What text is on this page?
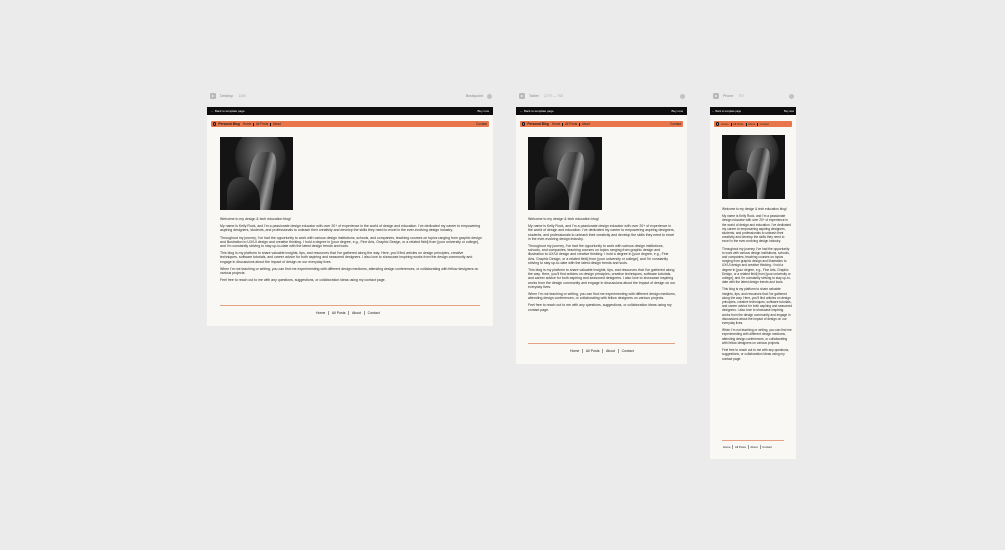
Desktop 1280	Breakpoint
← Back to template page	Buy now
Personal Blog Home All Posts About	Contact

Welcome to my design & tech education blog!

My name is Kelly Rock, and I'm a passionate design educator with over 20+ of experience in the world of design and education. I've dedicated my career to empowering aspiring designers, students, and professionals to unleash their creativity and develop the skills they need to excel in the ever-evolving design industry.

Throughout my journey, I've had the opportunity to work with various design institutions, schools, and companies, teaching courses on topics ranging from graphic design and illustration to UX/UI design and creative thinking. I hold a degree in [your degree, e.g., Fine Arts, Graphic Design, or a related field] from [your university or college], and I'm constantly striving to stay up-to-date with the latest design trends and tools.

This blog is my platform to share valuable insights, tips, and resources that I've gathered along the way. Here, you'll find articles on design principles, creative techniques, software tutorials, and career advice for both aspiring and seasoned designers. I also love to showcase inspiring works from the design community and engage in discussions about the impact of design on our everyday lives.

When I'm not teaching or writing, you can find me experimenting with different design mediums, attending design conferences, or collaborating with fellow designers on various projects.

Feel free to reach out to me with any questions, suggestions, or collaboration ideas using my contact page.

Home All Posts About Contact
Tablet 1279 — 768
← Back to template page	Buy now
Personal Blog Home All Posts About	Contact

Welcome to my design & tech education blog!

My name is Kelly Rock, and I'm a passionate design educator with over 20+ of experience in the world of design and education. I've dedicated my career to empowering aspiring designers, students, and professionals to unleash their creativity and develop the skills they need to excel in the ever-evolving design industry.

Throughout my journey, I've had the opportunity to work with various design institutions, schools, and companies, teaching courses on topics ranging from graphic design and illustration to UX/UI design and creative thinking. I hold a degree in [your degree, e.g., Fine Arts, Graphic Design, or a related field] from [your university or college], and I'm constantly striving to stay up-to-date with the latest design trends and tools.

This blog is my platform to share valuable insights, tips, and resources that I've gathered along the way. Here, you'll find articles on design principles, creative techniques, software tutorials, and career advice for both aspiring and seasoned designers. I also love to showcase inspiring works from the design community and engage in discussions about the impact of design on our everyday lives.

When I'm not teaching or writing, you can find me experimenting with different design mediums, attending design conferences, or collaborating with fellow designers on various projects.

Feel free to reach out to me with any questions, suggestions, or collaboration ideas using my contact page.

Home All Posts About Contact
Phone 767
← Back to template page	Buy now
Home All Posts About Contact

Welcome to my design & tech education blog!

My name is Kelly Rock, and I'm a passionate design educator with over 20+ of experience in the world of design and education. I've dedicated my career to empowering aspiring designers, students, and professionals to unleash their creativity and develop the skills they need to excel in the ever-evolving design industry.

Throughout my journey, I've had the opportunity to work with various design institutions, schools, and companies, teaching courses on topics ranging from graphic design and illustration to UX/UI design and creative thinking. I hold a degree in [your degree, e.g., Fine Arts, Graphic Design, or a related field] from [your university or college], and I'm constantly striving to stay up-to-date with the latest design trends and tools.

This blog is my platform to share valuable insights, tips, and resources that I've gathered along the way. Here, you'll find articles on design principles, creative techniques, software tutorials, and career advice for both aspiring and seasoned designers. I also love to showcase inspiring works from the design community and engage in discussions about the impact of design on our everyday lives.

When I'm not teaching or writing, you can find me experimenting with different design mediums, attending design conferences, or collaborating with fellow designers on various projects.

Feel free to reach out to me with any questions, suggestions, or collaboration ideas using my contact page.

Home All Posts About Contact
